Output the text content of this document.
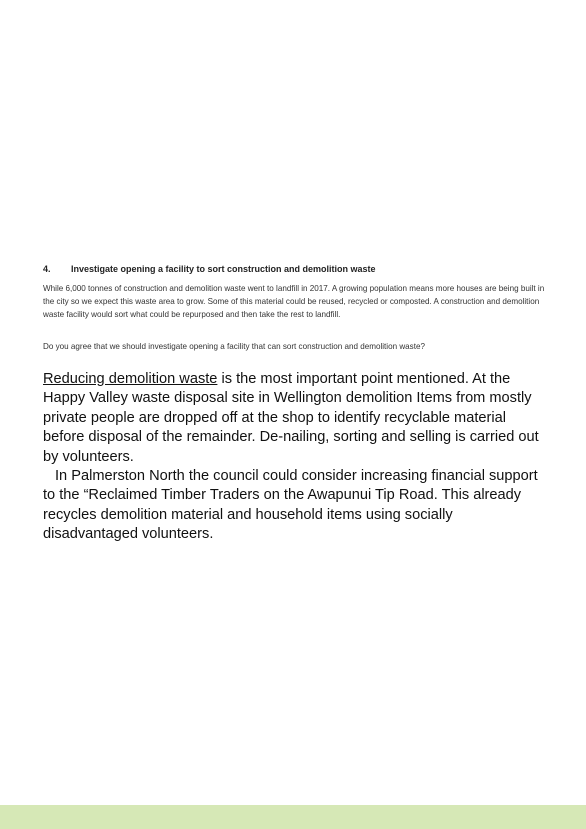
4. Investigate opening a facility to sort construction and demolition waste
While 6,000 tonnes of construction and demolition waste went to landfill in 2017. A growing population means more houses are being built in the city so we expect this waste area to grow. Some of this material could be reused, recycled or composted. A construction and demolition waste facility would sort what could be repurposed and then take the rest to landfill.
Do you agree that we should investigate opening a facility that can sort construction and demolition waste?

Reducing demolition waste is the most important point mentioned. At the Happy Valley waste disposal site in Wellington demolition Items from mostly private people are dropped off at the shop to identify recyclable material before disposal of the remainder. De-nailing, sorting and selling is carried out by volunteers.

In Palmerston North the council could consider increasing financial support to the “Reclaimed Timber Traders on the Awapunui Tip Road. This already recycles demolition material and household items using socially disadvantaged volunteers.
